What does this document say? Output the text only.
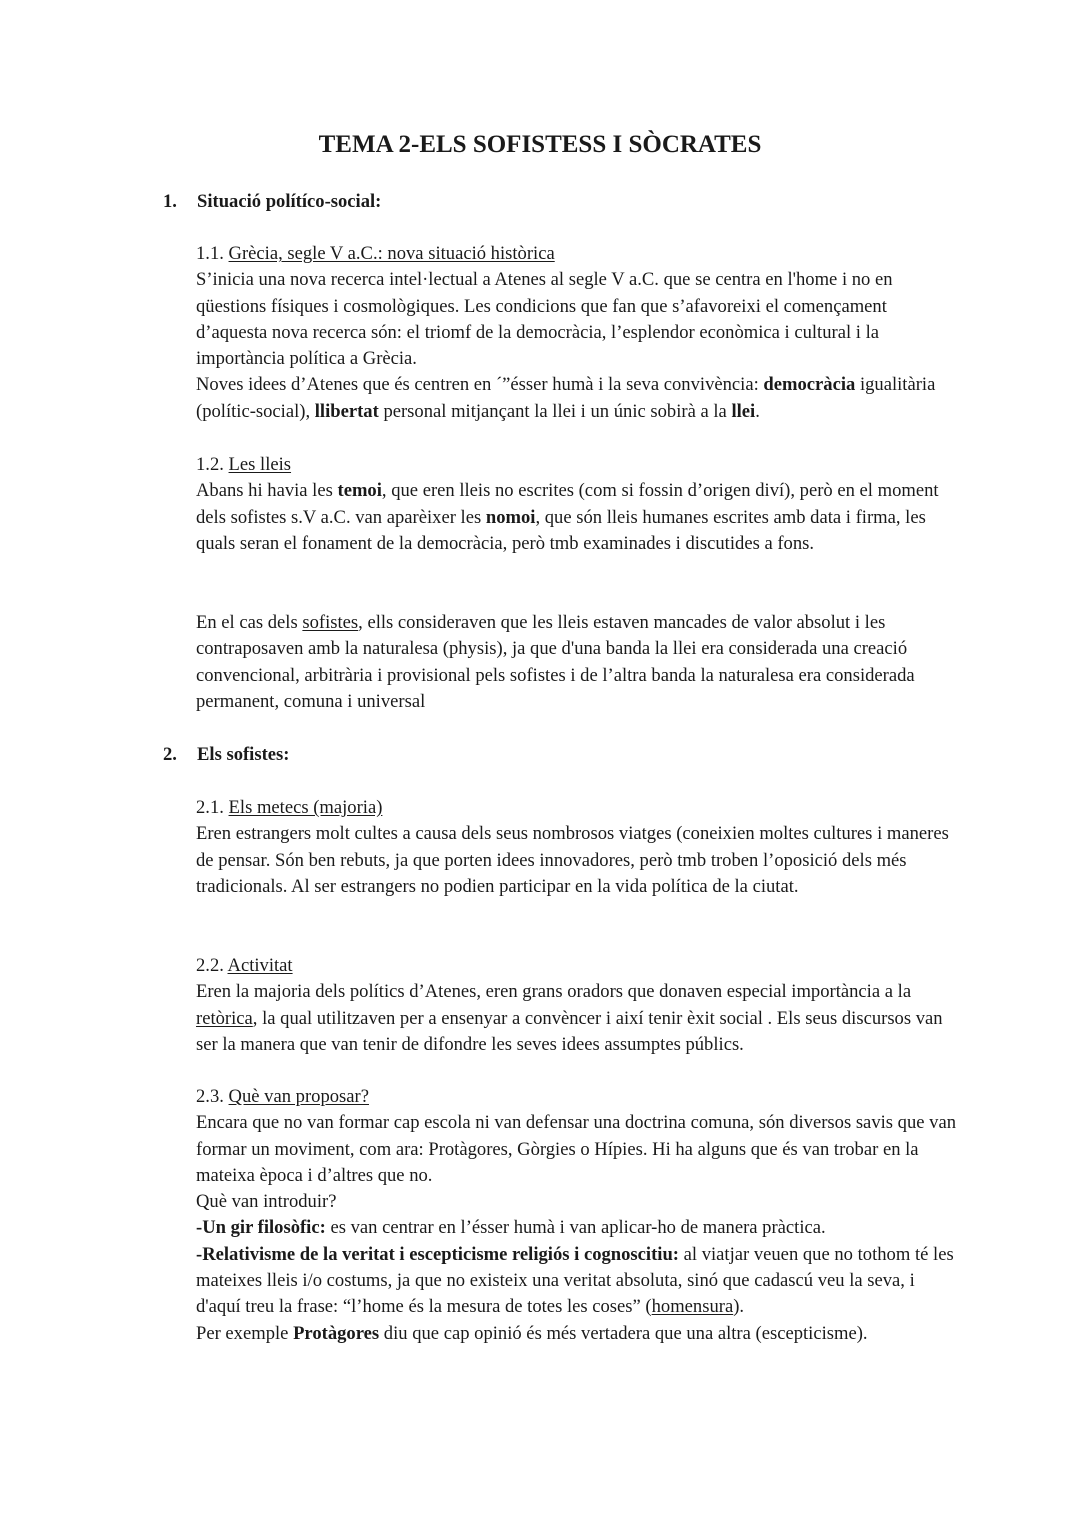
TEMA 2-ELS SOFISTESS I SÒCRATES
1. Situació polítíco-social:

1.1. Grècia, segle V a.C.: nova situació històrica

S’inicia una nova recerca intel·lectual a Atenes al segle V a.C. que se centra en l'home i no en qüestions físiques i cosmològiques. Les condicions que fan que s’afavoreixi el començament d’aquesta nova recerca són: el triomf de la democràcia, l’esplendor econòmica i cultural i la importància política a Grècia.

Noves idees d’Atenes que és centren en ´”ésser humà i la seva convivència: democràcia igualitària (polític-social), llibertat personal mitjançant la llei i un únic sobirà a la llei.

1.2. Les lleis

Abans hi havia les temoi, que eren lleis no escrites (com si fossin d’origen diví), però en el moment dels sofistes s.V a.C. van aparèixer les nomoi, que són lleis humanes escrites amb data i firma, les quals seran el fonament de la democràcia, però tmb examinades i discutides a fons.

En el cas dels sofistes, ells consideraven que les lleis estaven mancades de valor absolut i les contraposaven amb la naturalesa (physis), ja que d'una banda la llei era considerada una creació convencional, arbitrària i provisional pels sofistes i de l’altra banda la naturalesa era considerada permanent, comuna i universal

2. Els sofistes:

2.1. Els metecs (majoria)

Eren estrangers molt cultes a causa dels seus nombrosos viatges (coneixien moltes cultures i maneres de pensar. Són ben rebuts, ja que porten idees innovadores, però tmb troben l’oposició dels més tradicionals. Al ser estrangers no podien participar en la vida política de la ciutat.

2.2. Activitat

Eren la majoria dels polítics d’Atenes, eren grans oradors que donaven especial importància a la retòrica, la qual utilitzaven per a ensenyar a convèncer i així tenir èxit social . Els seus discursos van ser la manera que van tenir de difondre les seves idees assumptes públics.

2.3. Què van proposar?

Encara que no van formar cap escola ni van defensar una doctrina comuna, són diversos savis que van formar un moviment, com ara: Protàgores, Gòrgies o Hípies. Hi ha alguns que és van trobar en la mateixa època i d’altres que no.

Què van introduir?

-Un gir filosòfic: es van centrar en l’ésser humà i van aplicar-ho de manera pràctica.

-Relativisme de la veritat i escepticisme religiós i cognoscitiu: al viatjar veuen que no tothom té les mateixes lleis i/o costums, ja que no existeix una veritat absoluta, sinó que cadascú veu la seva, i d'aquí treu la frase: “l’home és la mesura de totes les coses” (homensura).

Per exemple Protàgores diu que cap opinió és més vertadera que una altra (escepticisme).
